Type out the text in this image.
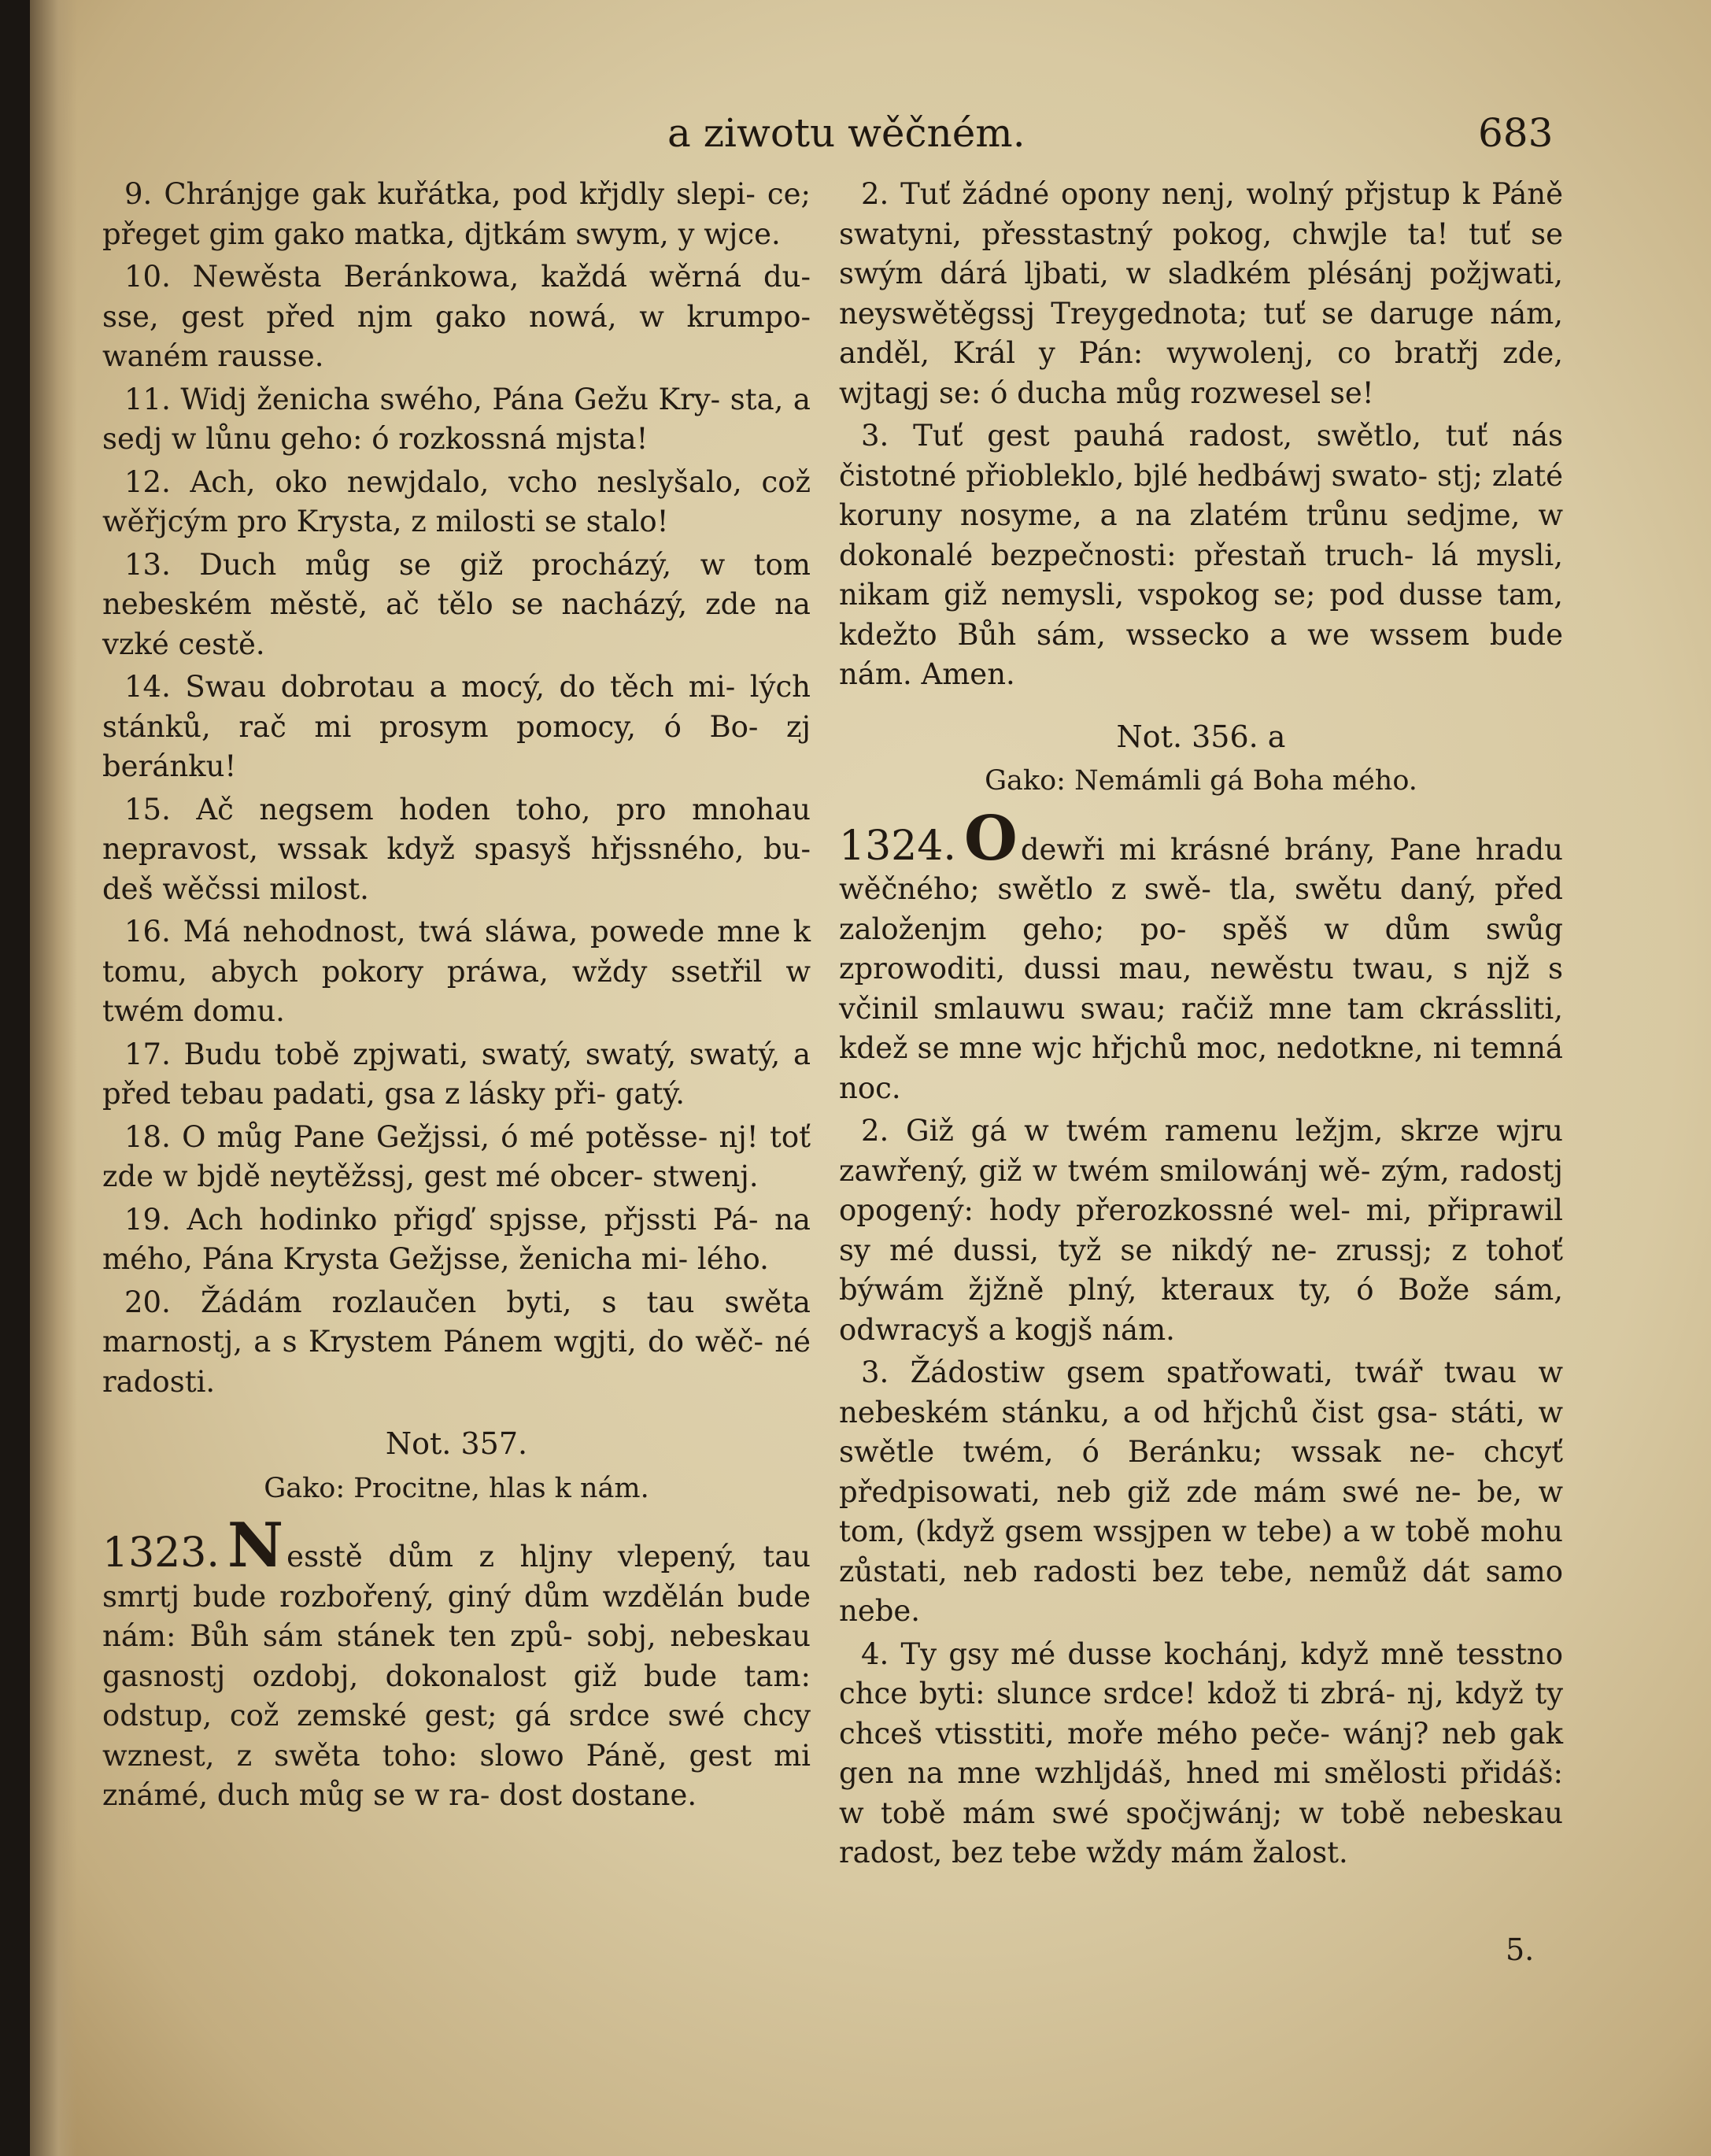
a ziwotu wěčném.	683

9. Chránjge gak kuřátka, pod křjdly slepi- ce; přeget gim gako matka, djtkám swym, y wjce.

10. Newěsta Beránkowa, každá wěrná du- sse, gest před njm gako nowá, w krumpo- waném rausse.

11. Widj ženicha swého, Pána Gežu Kry- sta, a sedj w lůnu geho: ó rozkossná mjsta!

12. Ach, oko newjdalo, vcho neslyšalo, což wěřjcým pro Krysta, z milosti se stalo!

13. Duch můg se giž procházý, w tom nebeském městě, ač tělo se nacházý, zde na vzké cestě.

14. Swau dobrotau a mocý, do těch mi- lých stánků, rač mi prosym pomocy, ó Bo- zj beránku!

15. Ač negsem hoden toho, pro mnohau nepravost, wssak když spasyš hřjssného, bu- deš wěčssi milost.

16. Má nehodnost, twá sláwa, powede mne k tomu, abych pokory práwa, wždy ssetřil w twém domu.

17. Budu tobě zpjwati, swatý, swatý, swatý, a před tebau padati, gsa z lásky při- gatý.

18. O můg Pane Gežjssi, ó mé potěsse- nj! toť zde w bjdě neytěžssj, gest mé obcer- stwenj.

19. Ach hodinko přigď spjsse, přjssti Pá- na mého, Pána Krysta Gežjsse, ženicha mi- lého.

20. Žádám rozlaučen byti, s tau swěta marnostj, a s Krystem Pánem wgjti, do wěč- né radosti.

Not. 357.
Gako: Procitne, hlas k nám.

1323. N esstě dům z hljny vlepený, tau smrtj bude rozbořený, giný dům wzdělán bude nám: Bůh sám stánek ten způ- sobj, nebeskau gasnostj ozdobj, dokonalost giž bude tam: odstup, což zemské gest; gá srdce swé chcy wznest, z swěta toho: slowo Páně, gest mi známé, duch můg se w ra- dost dostane.

2. Tuť žádné opony nenj, wolný přjstup k Páně swatyni, přesstastný pokog, chwjle ta! tuť se swým dárá ljbati, w sladkém plésánj požjwati, neyswětěgssj Treygednota; tuť se daruge nám, anděl, Král y Pán: wywolenj, co bratřj zde, wjtagj se: ó ducha můg rozwesel se!

3. Tuť gest pauhá radost, swětlo, tuť nás čistotné přiobleklo, bjlé hedbáwj swato- stj; zlaté koruny nosyme, a na zlatém trůnu sedjme, w dokonalé bezpečnosti: přestaň truch- lá mysli, nikam giž nemysli, vspokog se; pod dusse tam, kdežto Bůh sám, wssecko a we wssem bude nám. Amen.

Not. 356. a
Gako: Nemámli gá Boha mého.

1324. O dewři mi krásné brány, Pane hradu wěčného; swětlo z swě- tla, swětu daný, před založenjm geho; po- spěš w dům swůg zprowoditi, dussi mau, newěstu twau, s njž s včinil smlauwu swau; račiž mne tam ckrássliti, kdež se mne wjc hřjchů moc, nedotkne, ni temná noc.

2. Giž gá w twém ramenu ležjm, skrze wjru zawřený, giž w twém smilowánj wě- zým, radostj opogený: hody přerozkossné wel- mi, připrawil sy mé dussi, tyž se nikdý ne- zrussj; z tohoť býwám žjžně plný, kteraux ty, ó Bože sám, odwracyš a kogjš nám.

3. Žádostiw gsem spatřowati, twář twau w nebeském stánku, a od hřjchů čist gsa- státi, w swětle twém, ó Beránku; wssak ne- chcyť předpisowati, neb giž zde mám swé ne- be, w tom, (když gsem wssjpen w tebe) a w tobě mohu zůstati, neb radosti bez tebe, nemůž dát samo nebe.

4. Ty gsy mé dusse kochánj, když mně tesstno chce byti: slunce srdce! kdož ti zbrá- nj, když ty chceš vtisstiti, moře mého peče- wánj? neb gak gen na mne wzhljdáš, hned mi smělosti přidáš: w tobě mám swé spočjwánj; w tobě nebeskau radost, bez tebe wždy mám žalost.

5.
